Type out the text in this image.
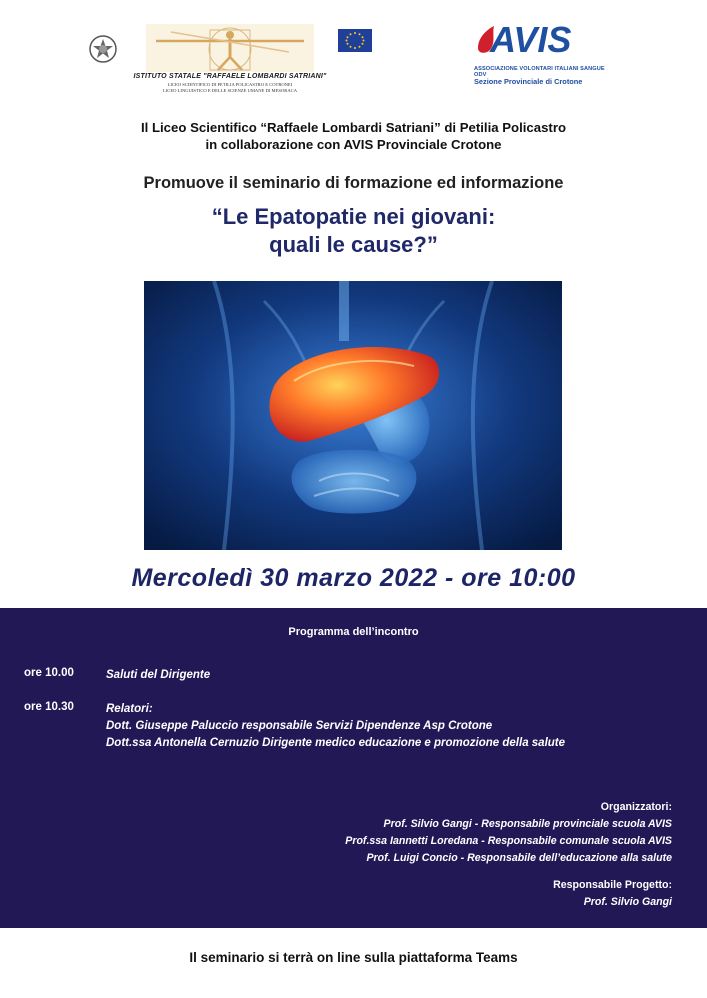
ISTITUTO STATALE "RAFFAELE LOMBARDI SATRIANI"
LICEO SCIENTIFICO DI PETILIA POLICASTRO E COTRONEI
LICEO LINGUISTICO E DELLE SCIENZE UMANE DI MESORACA
AVIS
ASSOCIAZIONE VOLONTARI ITALIANI SANGUE ODV
Sezione Provinciale di Crotone
Il Liceo Scientifico “Raffaele Lombardi Satriani” di Petilia Policastro
in collaborazione con AVIS Provinciale Crotone
Promuove il seminario di formazione ed informazione
“Le Epatopatie nei giovani:
quali le cause?”
Mercoledì 30 marzo 2022 - ore 10:00
Programma dell’incontro
ore 10.00	Saluti del Dirigente
ore 10.30	Relatori:
Dott. Giuseppe Paluccio responsabile Servizi Dipendenze Asp Crotone
Dott.ssa Antonella Cernuzio Dirigente medico educazione e promozione della salute
Organizzatori:
Prof. Silvio Gangi - Responsabile provinciale scuola AVIS
Prof.ssa Iannetti Loredana - Responsabile comunale scuola AVIS
Prof. Luigi Concio - Responsabile dell’educazione alla salute
Responsabile Progetto:
Prof. Silvio Gangi
Il seminario si terrà on line sulla piattaforma Teams
